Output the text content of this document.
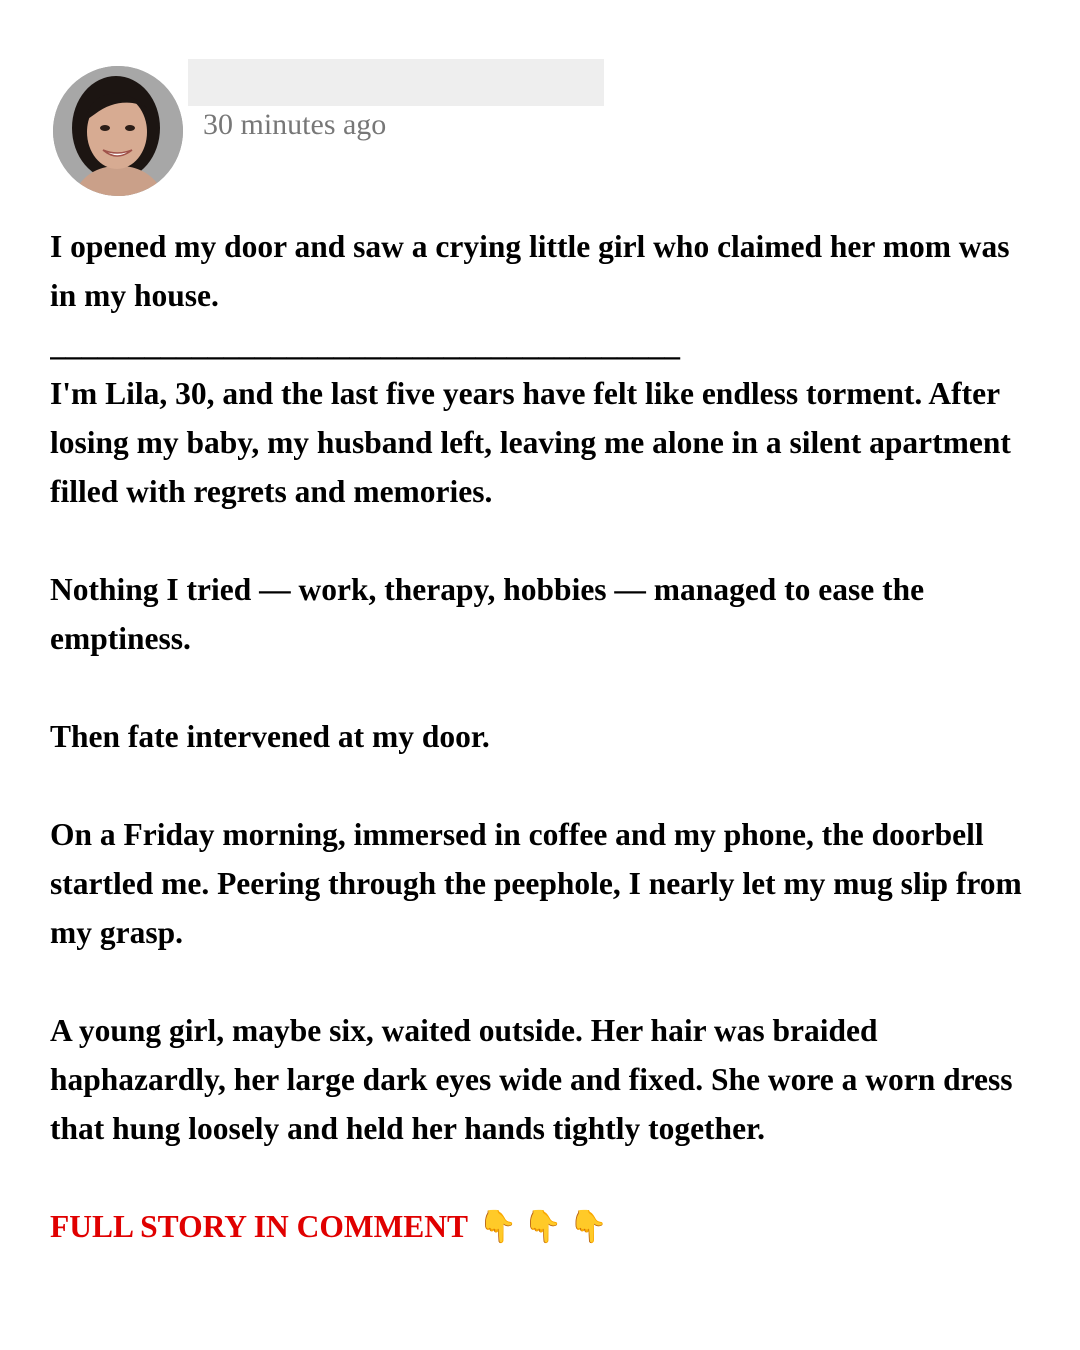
30 minutes ago

I opened my door and saw a crying little girl who claimed her mom was in my house.

________________________________________

I'm Lila, 30, and the last five years have felt like endless torment. After losing my baby, my husband left, leaving me alone in a silent apartment filled with regrets and memories.

Nothing I tried — work, therapy, hobbies — managed to ease the emptiness.

Then fate intervened at my door.

On a Friday morning, immersed in coffee and my phone, the doorbell startled me. Peering through the peephole, I nearly let my mug slip from my grasp.

A young girl, maybe six, waited outside. Her hair was braided haphazardly, her large dark eyes wide and fixed. She wore a worn dress that hung loosely and held her hands tightly together.

FULL STORY IN COMMENT 👇👇👇
